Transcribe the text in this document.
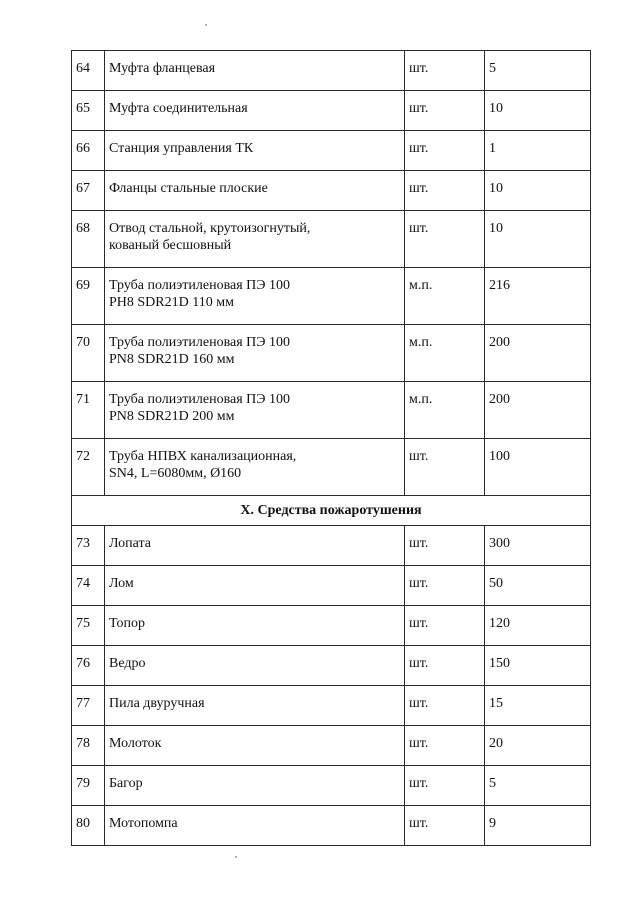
64	Муфта фланцевая	шт.	5
65	Муфта соединительная	шт.	10
66	Станция управления ТК	шт.	1
67	Фланцы стальные плоские	шт.	10
68	Отвод стальной, крутоизогнутый,
кованый бесшовный	шт.	10
69	Труба полиэтиленовая ПЭ 100
PH8 SDR21D 110 мм	м.п.	216
70	Труба полиэтиленовая ПЭ 100
PN8 SDR21D 160 мм	м.п.	200
71	Труба полиэтиленовая ПЭ 100
PN8 SDR21D 200 мм	м.п.	200
72	Труба НПВХ канализационная,
SN4, L=6080мм, Ø160	шт.	100
X. Средства пожаротушения			
73	Лопата	шт.	300
74	Лом	шт.	50
75	Топор	шт.	120
76	Ведро	шт.	150
77	Пила двуручная	шт.	15
78	Молоток	шт.	20
79	Багор	шт.	5
80	Мотопомпа	шт.	9
